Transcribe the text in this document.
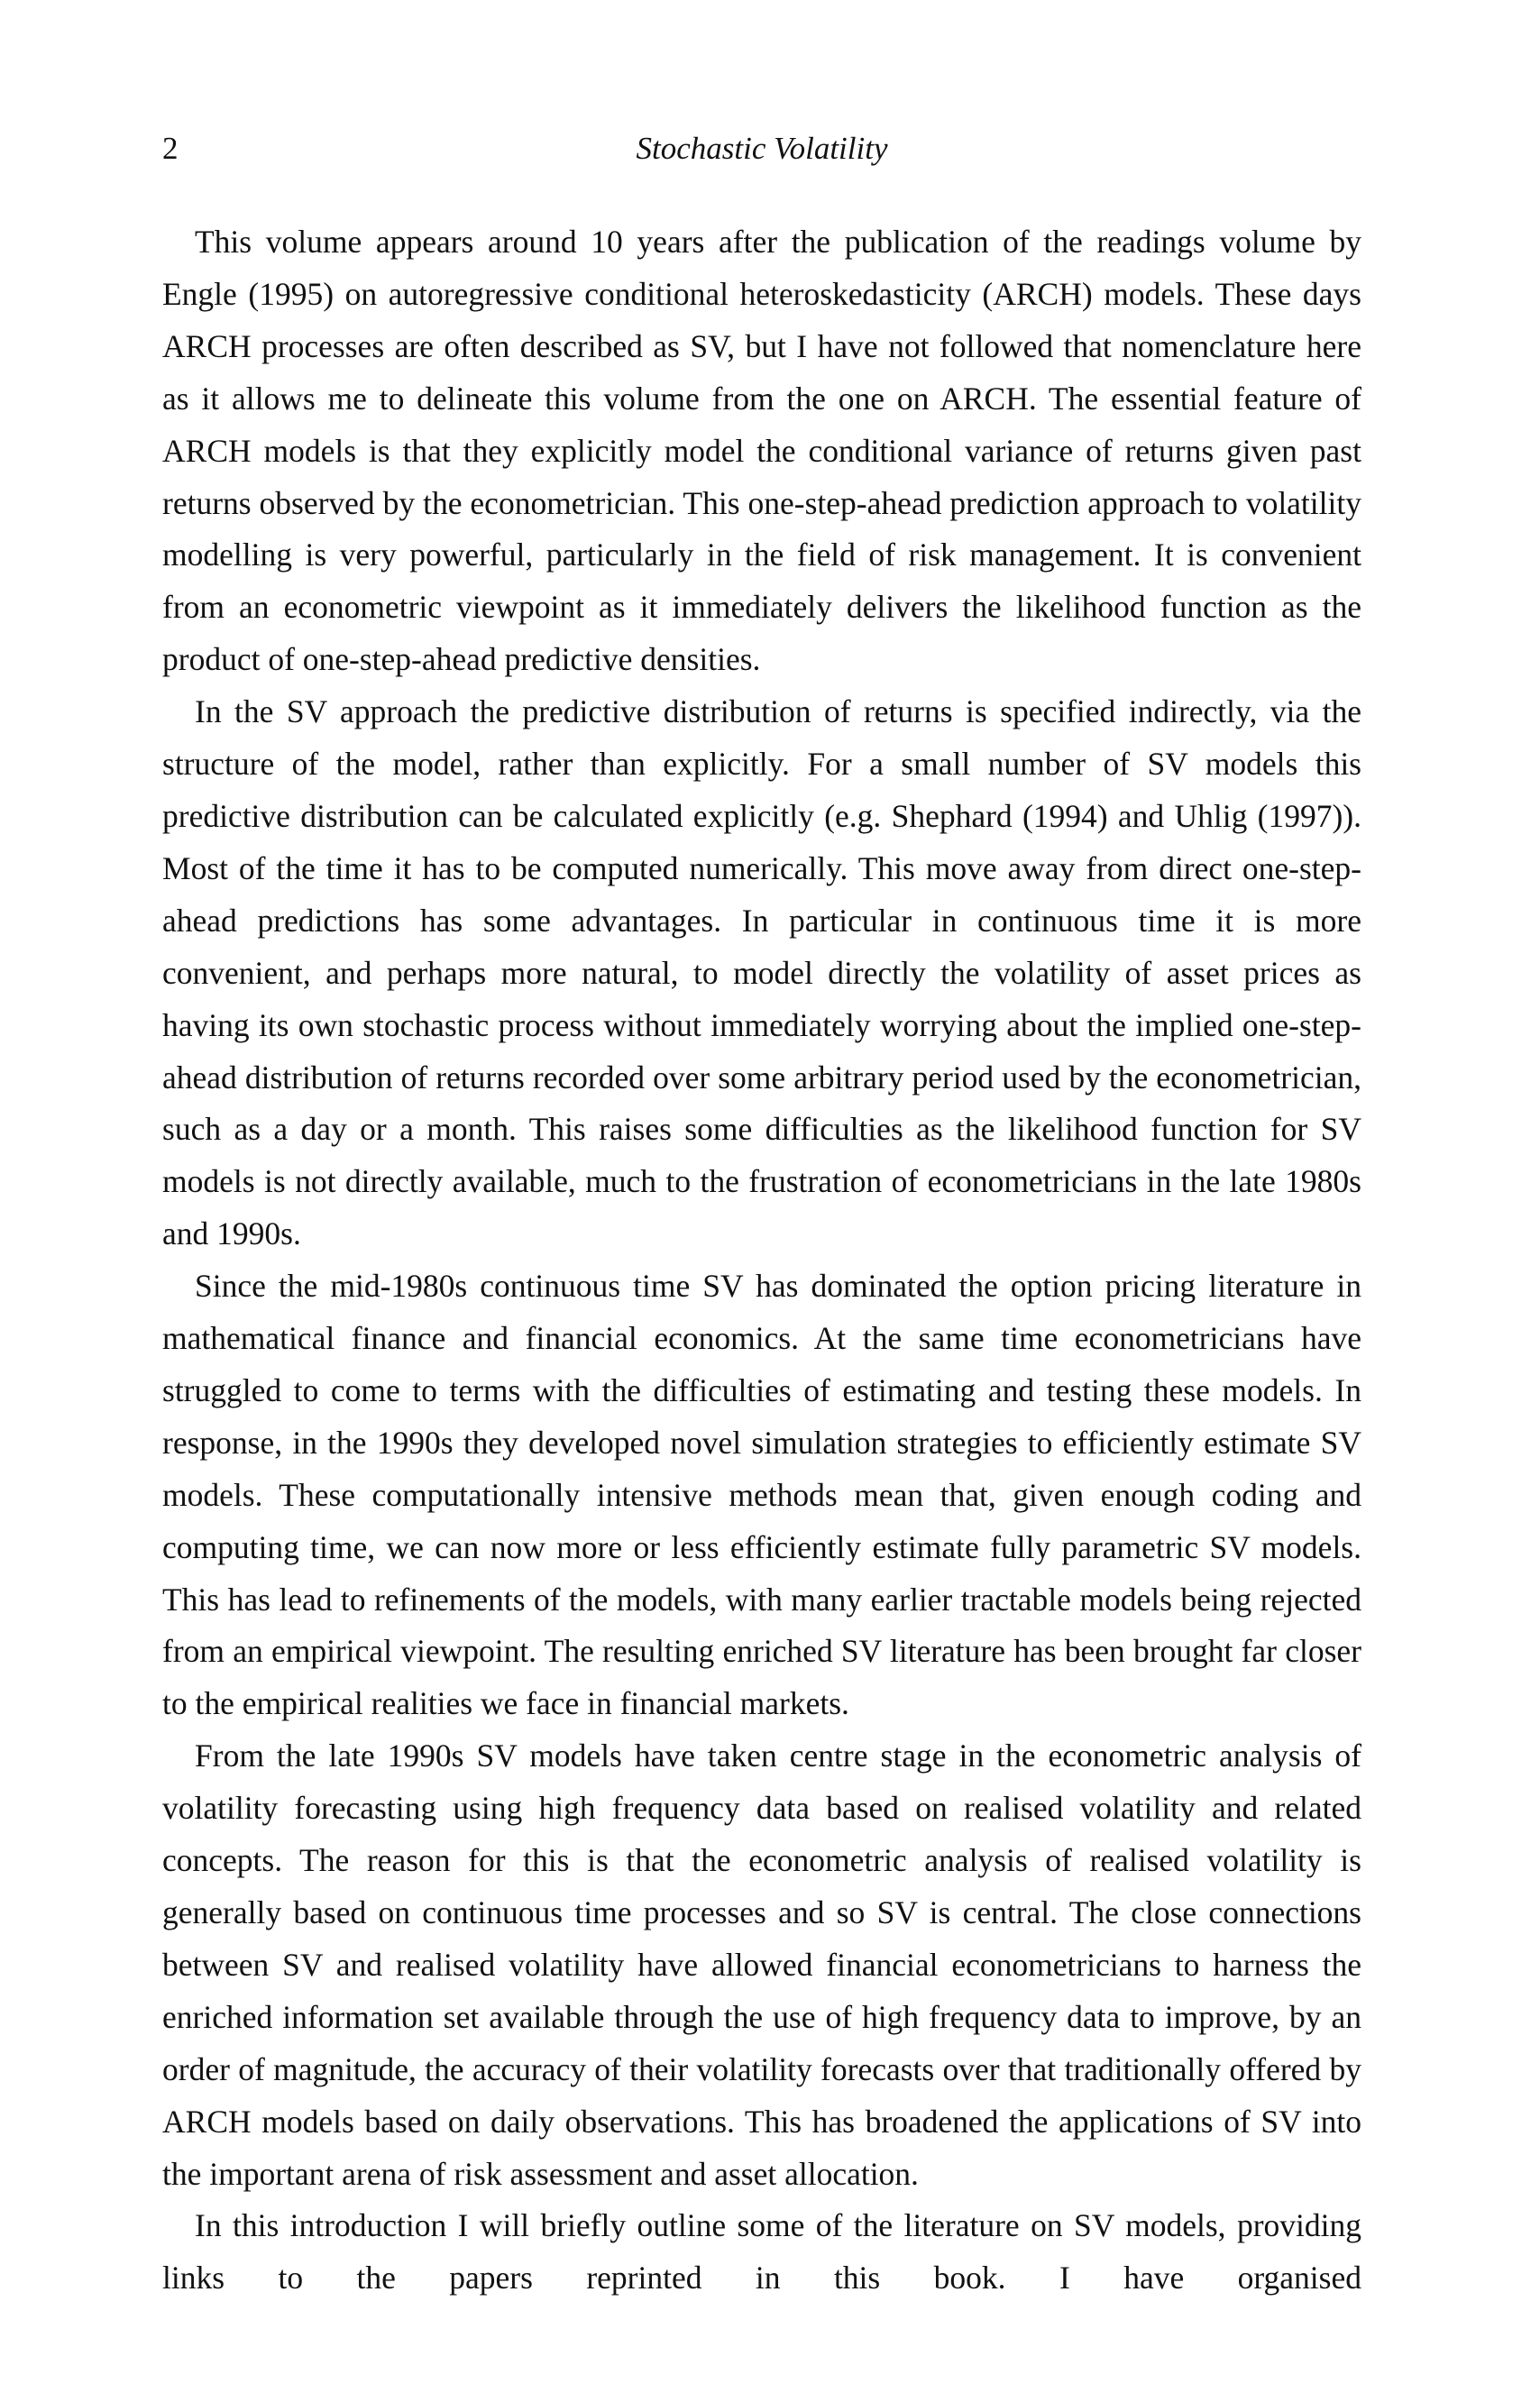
2	Stochastic Volatility

This volume appears around 10 years after the publication of the readings volume by Engle (1995) on autoregressive conditional heteroskedasticity (ARCH) models. These days ARCH processes are often described as SV, but I have not followed that nomenclature here as it allows me to delineate this volume from the one on ARCH. The essential feature of ARCH models is that they explicitly model the conditional variance of returns given past returns observed by the econometrician. This one-step-ahead prediction approach to volatility modelling is very powerful, particularly in the field of risk management. It is convenient from an econometric viewpoint as it immediately delivers the likelihood function as the product of one-step-ahead predictive densities.

In the SV approach the predictive distribution of returns is specified indirectly, via the structure of the model, rather than explicitly. For a small number of SV models this predictive distribution can be calculated explicitly (e.g. Shephard (1994) and Uhlig (1997)). Most of the time it has to be computed numerically. This move away from direct one-step-ahead predictions has some advantages. In particular in continuous time it is more convenient, and perhaps more natural, to model directly the volatility of asset prices as having its own stochastic process without immediately worrying about the implied one-step-ahead distribution of returns recorded over some arbitrary period used by the econometrician, such as a day or a month. This raises some difficulties as the likelihood function for SV models is not directly available, much to the frustration of econometricians in the late 1980s and 1990s.

Since the mid-1980s continuous time SV has dominated the option pricing literature in mathematical finance and financial economics. At the same time econometricians have struggled to come to terms with the difficulties of estimating and testing these models. In response, in the 1990s they developed novel simulation strategies to efficiently estimate SV models. These computationally intensive methods mean that, given enough coding and computing time, we can now more or less efficiently estimate fully parametric SV models. This has lead to refinements of the models, with many earlier tractable models being rejected from an empirical viewpoint. The resulting enriched SV literature has been brought far closer to the empirical realities we face in financial markets.

From the late 1990s SV models have taken centre stage in the econometric analysis of volatility forecasting using high frequency data based on realised volatility and related concepts. The reason for this is that the econometric analysis of realised volatility is generally based on continuous time processes and so SV is central. The close connections between SV and realised volatility have allowed financial econometricians to harness the enriched information set available through the use of high frequency data to improve, by an order of magnitude, the accuracy of their volatility forecasts over that traditionally offered by ARCH models based on daily observations. This has broadened the applications of SV into the important arena of risk assessment and asset allocation.

In this introduction I will briefly outline some of the literature on SV models, providing links to the papers reprinted in this book. I have organised
